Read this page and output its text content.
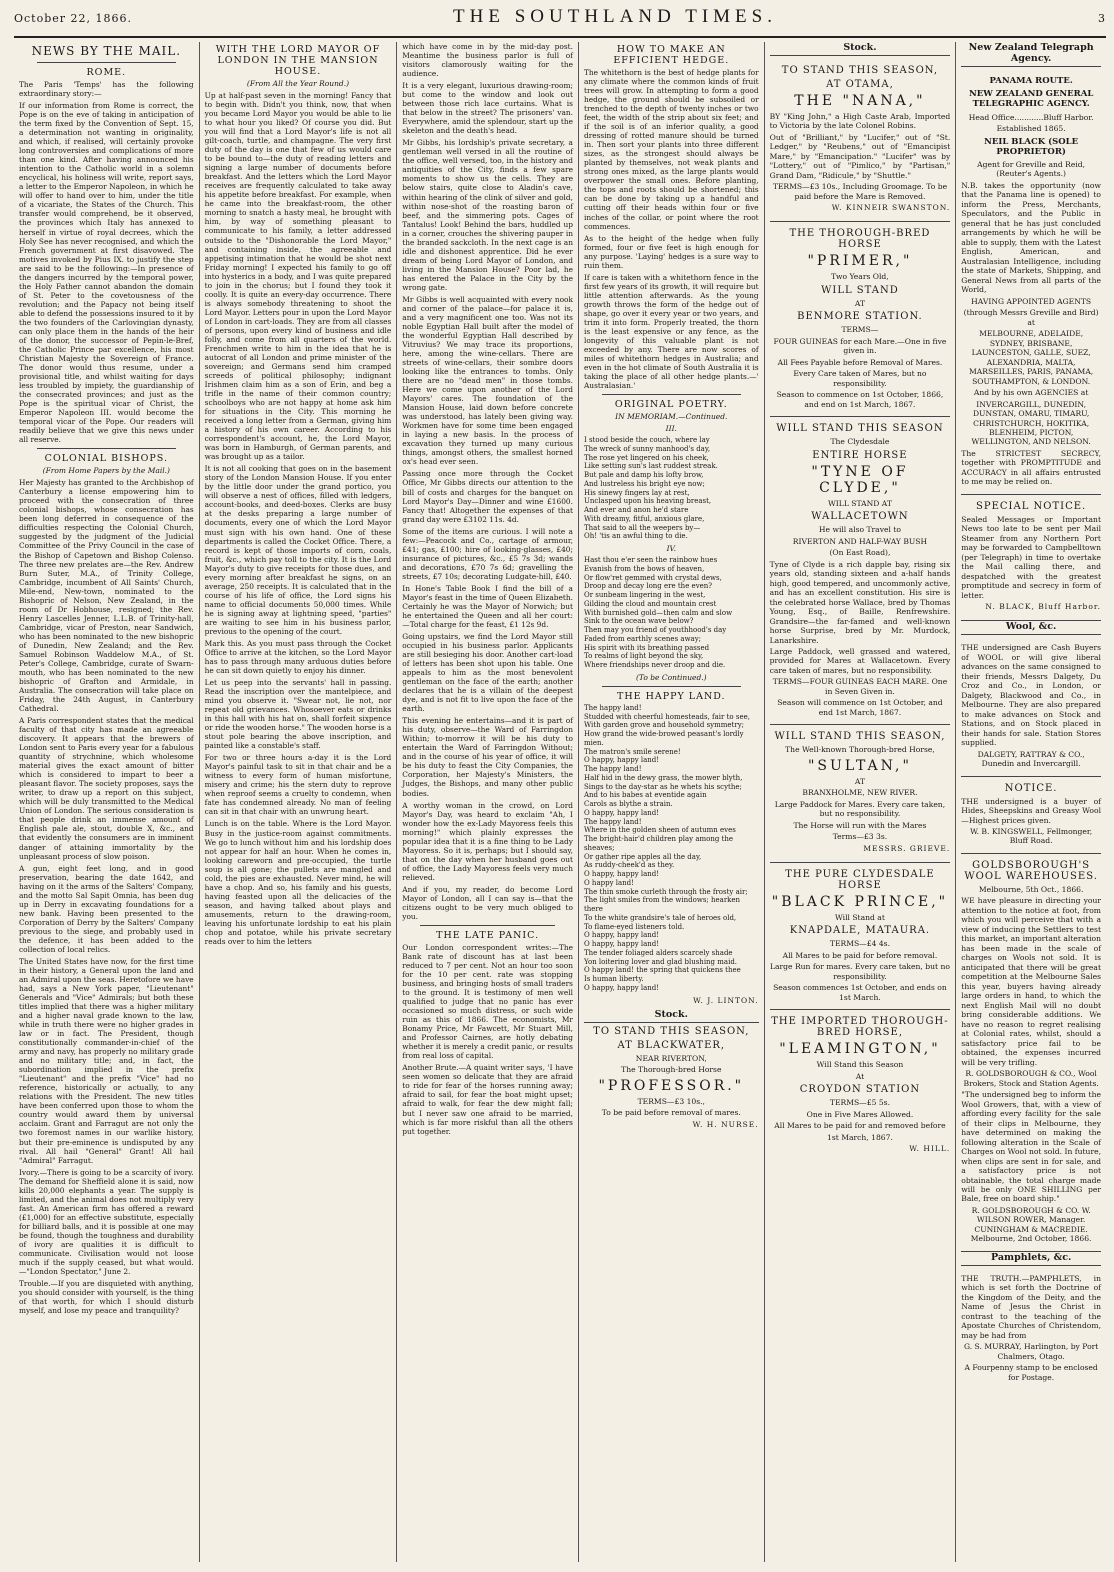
October 22, 1866.	THE SOUTHLAND TIMES.	3
NEWS BY THE MAIL.
ROME.

The Paris 'Temps' has the following extraordinary story:—

If our information from Rome is correct, the Pope is on the eve of taking in anticipation of the term fixed by the Convention of Sept. 15, a determination not wanting in originality, and which, if realised, will certainly provoke long controversies and complications of more than one kind. After having announced his intention to the Catholic world in a solemn encyclical, his holiness will write, report says, a letter to the Emperor Napoleon, in which he will offer to hand over to him, under the title of a vicariate, the States of the Church. This transfer would comprehend, be it observed, the provinces which Italy has annexed to herself in virtue of royal decrees, which the Holy See has never recognised, and which the French government at first disavowed. The motives invoked by Pius IX. to justify the step are said to be the following:—In presence of the dangers incurred by the temporal power, the Holy Father cannot abandon the domain of St. Peter to the covetousness of the revolution; and the Papacy not being itself able to defend the possessions insured to it by the two founders of the Carlovingian dynasty, can only place them in the hands of the heir of the donor, the successor of Pepin-le-Bref, the Catholic Prince par excellence, his most Christian Majesty the Sovereign of France. The donor would thus resume, under a provisional title, and whilst waiting for days less troubled by impiety, the guardianship of the consecrated provinces; and just as the Pope is the spiritual vicar of Christ, the Emperor Napoleon III. would become the temporal vicar of the Pope. Our readers will readily believe that we give this news under all reserve.

COLONIAL BISHOPS.
(From Home Papers by the Mail.)

Her Majesty has granted to the Archbishop of Canterbury a license empowering him to proceed with the consecration of three colonial bishops, whose consecration has been long deferred in consequence of the difficulties respecting the Colonial Church, suggested by the judgment of the Judicial Committee of the Privy Council in the case of the Bishop of Capetown and Bishop Colenso. The three new prelates are—the Rev. Andrew Burn Suter, M.A., of Trinity College, Cambridge, incumbent of All Saints' Church, Mile-end, New-town, nominated to the Bishopric of Nelson, New Zealand, in the room of Dr Hobhouse, resigned; the Rev. Henry Lascelles Jenner, L.L.B. of Trinity-hall, Cambridge, vicar of Preston, near Sandwich, who has been nominated to the new bishopric of Dunedin, New Zealand; and the Rev. Samuel Robinson Waddelow M.A., of St. Peter's College, Cambridge, curate of Swarn-mouth, who has been nominated to the new bishopric of Grafton and Armidale, in Australia. The consecration will take place on Friday, the 24th August, in Canterbury Cathedral.

A Paris correspondent states that the medical faculty of that city has made an agreeable discovery. It appears that the brewers of London sent to Paris every year for a fabulous quantity of strychnine, which wholesome material gives the exact amount of bitter which is considered to impart to beer a pleasant flavor. The society proposes, says the writer, to draw up a report on this subject, which will be duly transmitted to the Medical Union of London. The serious consideration is that people drink an immense amount of English pale ale, stout, double X, &c., and that evidently the consumers are in imminent danger of attaining immortality by the unpleasant process of slow poison.

A gun, eight feet long, and in good preservation, bearing the date 1642, and having on it the arms of the Salters' Company, and the motto Sal Sapit Omnia, has been dug up in Derry in excavating foundations for a new bank. Having been presented to the Corporation of Derry by the Salters' Company previous to the siege, and probably used in the defence, it has been added to the collection of local relics.

The United States have now, for the first time in their history, a General upon the land and an Admiral upon the seas. Heretofore we have had, says a New York paper, "Lieutenant" Generals and "Vice" Admirals; but both these titles implied that there was a higher military and a higher naval grade known to the law, while in truth there were no higher grades in law or in fact. The President, though constitutionally commander-in-chief of the army and navy, has properly no military grade and no military title; and, in fact, the subordination implied in the prefix "Lieutenant" and the prefix "Vice" had no reference, historically or actually, to any relations with the President. The new titles have been conferred upon those to whom the country would award them by universal acclaim. Grant and Farragut are not only the two foremost names in our warlike history, but their pre-eminence is undisputed by any rival. All hail "General" Grant! All hail "Admiral" Farragut.

Ivory.—There is going to be a scarcity of ivory. The demand for Sheffield alone it is said, now kills 20,000 elephants a year. The supply is limited, and the animal does not multiply very fast. An American firm has offered a reward (£1,000) for an effective substitute, especially for billiard balls, and it is possible at one may be found, though the toughness and durability of ivory are qualities it is difficult to communicate. Civilisation would not loose much if the supply ceased, but what would.—"London Spectator," June 2.

Trouble.—If you are disquieted with anything, you should consider with yourself, is the thing of that worth, for which I should disturb myself, and lose my peace and tranquility?

WITH THE LORD MAYOR OF LONDON IN THE MANSION HOUSE.
(From All the Year Round.)

Up at half-past seven in the morning! Fancy that to begin with. Didn't you think, now, that when you became Lord Mayor you would be able to lie to what hour you liked? Of course you did. But you will find that a Lord Mayor's life is not all gilt-coach, turtle, and champagne. The very first duty of the day is one that few of us would care to be bound to—the duty of reading letters and signing a large number of documents before breakfast. And the letters which the Lord Mayor receives are frequently calculated to take away his appetite before breakfast. For example, when he came into the breakfast-room, the other morning to snatch a hasty meal, he brought with him, by way of something pleasant to communicate to his family, a letter addressed outside to the "Dishonorable the Lord Mayor," and containing inside, the agreeable and appetising intimation that he would be shot next Friday morning! I expected his family to go off into hysterics in a body, and I was quite prepared to join in the chorus; but I found they took it coolly. It is quite an every-day occurrence. There is always somebody threatening to shoot the Lord Mayor. Letters pour in upon the Lord Mayor of London in cart-loads. They are from all classes of persons, upon every kind of business and idle folly, and come from all quarters of the world. Frenchmen write to him in the idea that he is autocrat of all London and prime minister of the sovereign; and Germans send him cramped screeds of political philosophy; indignant Irishmen claim him as a son of Erin, and beg a trifle in the name of their common country; schoolboys who are not happy at home ask him for situations in the City. This morning he received a long letter from a German, giving him a history of his own career. According to his correspondent's account, he, the Lord Mayor, was born in Hamburgh, of German parents, and was brought up as a tailor.

It is not all cooking that goes on in the basement story of the London Mansion House. If you enter by the little door under the grand portico, you will observe a nest of offices, filled with ledgers, account-books, and deed-boxes. Clerks are busy at the desks preparing a large number of documents, every one of which the Lord Mayor must sign with his own hand. One of these departments is called the Cocket Office. There, a record is kept of those imports of corn, coals, fruit, &c., which pay toll to the city. It is the Lord Mayor's duty to give receipts for those dues, and every morning after breakfast he signs, on an average, 250 receipts. It is calculated that in the course of his life of office, the Lord signs his name to official documents 50,000 times. While he is signing away at lightning speed, "parties" are waiting to see him in his business parlor, previous to the opening of the court.

Mark this. As you must pass through the Cocket Office to arrive at the kitchen, so the Lord Mayor has to pass through many arduous duties before he can sit down quietly to enjoy his dinner.

Let us peep into the servants' hall in passing. Read the inscription over the mantelpiece, and mind you observe it. "Swear not, lie not, nor repeat old grievances. Whosoever eats or drinks in this hall with his hat on, shall forfeit sixpence or ride the wooden horse." The wooden horse is a stout pole bearing the above inscription, and painted like a constable's staff.

For two or three hours a-day it is the Lord Mayor's painful task to sit in that chair and be a witness to every form of human misfortune, misery and crime; his the stern duty to reprove when reproof seems a cruelty to condemn, when fate has condemned already. No man of feeling can sit in that chair with an unwrung heart.

Lunch is on the table. Where is the Lord Mayor. Busy in the justice-room against commitments. We go to lunch without him and his lordship does not appear for half an hour. When he comes in, looking careworn and pre-occupied, the turtle soup is all gone; the pullets are mangled and cold, the pies are exhausted. Never mind, he will have a chop. And so, his family and his guests, having feasted upon all the delicacies of the season, and having talked about plays and amusements, return to the drawing-room, leaving his unfortunate lordship to eat his plain chop and potatoe, while his private secretary reads over to him the letters

which have come in by the mid-day post. Meantime the business parlor is full of visitors clamorously waiting for the audience.

It is a very elegant, luxurious drawing-room; but come to the window and look out between those rich lace curtains. What is that below in the street? The prisoners' van. Everywhere, amid the splendour, start up the skeleton and the death's head.

Mr Gibbs, his lordship's private secretary, a gentleman well versed in all the routine of the office, well versed, too, in the history and antiquities of the City, finds a few spare moments to show us the cells. They are below stairs, quite close to Aladin's cave, within hearing of the clink of silver and gold, within nose-shot of the roasting baron of beef, and the simmering pots. Cages of Tantalus! Look! Behind the bars, huddled up in a corner, crouches the shivering pauper in the branded sackcloth. In the next cage is an idle and dishonest apprentice. Did he ever dream of being Lord Mayor of London, and living in the Mansion House? Poor lad, he has entered the Palace in the City by the wrong gate.

Mr Gibbs is well acquainted with every nook and corner of the palace—for palace it is, and a very magnificent one too. Was not its noble Egyptian Hall built after the model of the wonderful Egyptian Hall described by Vitruvius? We may trace its proportions, here, among the wine-cellars. There are streets of wine-cellars, their sombre doors looking like the entrances to tombs. Only there are no "dead men" in those tombs. Here we come upon another of the Lord Mayors' cares. The foundation of the Mansion House, laid down before concrete was understood, has lately been giving way. Workmen have for some time been engaged in laying a new basis. In the process of excavation they turned up many curious things, amongst others, the smallest horned ox's head ever seen.

Passing once more through the Cocket Office, Mr Gibbs directs our attention to the bill of costs and charges for the banquet on Lord Mayor's Day—Dinner and wine £1600. Fancy that! Altogether the expenses of that grand day were £3102 11s. 4d.

Some of the items are curious. I will note a few:—Peacock and Co., cartage of armour, £41; gas, £100; hire of looking-glasses, £40; insurance of pictures, &c., £5 7s 3d; wands and decorations, £70 7s 6d; gravelling the streets, £7 10s; decorating Ludgate-hill, £40.

In Hone's Table Book I find the bill of a Mayor's feast in the time of Queen Elizabeth. Certainly he was the Mayor of Norwich; but he entertained the Queen and all her court:—Total charge for the feast, £1 12s 9d.

Going upstairs, we find the Lord Mayor still occupied in his business parlor. Applicants are still besieging his door. Another cart-load of letters has been shot upon his table. One appeals to him as the most benevolent gentleman on the face of the earth; another declares that he is a villain of the deepest dye, and is not fit to live upon the face of the earth.

This evening he entertains—and it is part of his duty, observe—the Ward of Farringdon Within; to-morrow it will be his duty to entertain the Ward of Farringdon Without; and in the course of his year of office, it will be his duty to feast the City Companies, the Corporation, her Majesty's Ministers, the Judges, the Bishops, and many other public bodies.

A worthy woman in the crowd, on Lord Mayor's Day, was heard to exclaim "Ah, I wonder how the ex-Lady Mayoress feels this morning!" which plainly expresses the popular idea that it is a fine thing to be Lady Mayoress. So it is, perhaps; but I should say, that on the day when her husband goes out of office, the Lady Mayoress feels very much relieved.

And if you, my reader, do become Lord Mayor of London, all I can say is—that the citizens ought to be very much obliged to you.

THE LATE PANIC.

Our London correspondent writes:—The Bank rate of discount has at last been reduced to 7 per cent. Not an hour too soon for the 10 per cent. rate was stopping business, and bringing hosts of small traders to the ground. It is testimony of men well qualified to judge that no panic has ever occasioned so much distress, or such wide ruin as this of 1866. The economists, Mr Bonamy Price, Mr Fawcett, Mr Stuart Mill, and Professor Cairnes, are hotly debating whether it is merely a credit panic, or results from real loss of capital.

Another Brute.—A quaint writer says, 'I have seen women so delicate that they are afraid to ride for fear of the horses running away; afraid to sail, for fear the boat might upset; afraid to walk, for fear the dew might fall; but I never saw one afraid to be married, which is far more riskful than all the others put together.

HOW TO MAKE AN EFFICIENT HEDGE.

The whitethorn is the best of hedge plants for any climate where the common kinds of fruit trees will grow. In attempting to form a good hedge, the ground should be subsoiled or trenched to the depth of twenty inches or two feet, the width of the strip about six feet; and if the soil is of an inferior quality, a good dressing of rotted manure should be turned in. Then sort your plants into three different sizes, as the strongest should always be planted by themselves, not weak plants and strong ones mixed, as the large plants would overpower the small ones. Before planting, the tops and roots should be shortened; this can be done by taking up a handful and cutting off their heads within four or five inches of the collar, or point where the root commences.

As to the height of the hedge when fully formed, four or five feet is high enough for any purpose. 'Laying' hedges is a sure way to ruin them.

If care is taken with a whitethorn fence in the first few years of its growth, it will require but little attention afterwards. As the young growth throws the form of the hedge out of shape, go over it every year or two years, and trim it into form. Properly treated, the thorn is the least expensive or any fence, as the longevity of this valuable plant is not exceeded by any. There are now scores of miles of whitethorn hedges in Australia; and even in the hot climate of South Australia it is taking the place of all other hedge plants.—' Australasian.'

ORIGINAL POETRY.
IN MEMORIAM.—Continued.
III.
I stood beside the couch, where lay
The wreck of sunny manhood's day,
The rose yet lingered on his cheek,
Like setting sun's last ruddest streak.
But pale and damp his lofty brow,
And lustreless his bright eye now;
His sinewy fingers lay at rest,
Unclasped upon his heaving breast,
And ever and anon he'd stare
With dreamy, fitful, anxious glare,
That said to all the weepers by—
Oh! 'tis an awful thing to die.
IV.
Hast thou e'er seen the rainbow hues
Evanish from the bows of heaven,
Or flow'ret gemmed with crystal dews,
Droop and decay long ere the even?
Or sunbeam lingering in the west,
Gilding the cloud and mountain crest
With burnished gold—then calm and slow
Sink to the ocean wave below?
Then may you friend of youthhood's day
Faded from earthly scenes away;
His spirit with its breathing passed
To realms of light beyond the sky,
Where friendships never droop and die.
(To be Continued.)
THE HAPPY LAND.
The happy land!
Studded with cheerful homesteads, fair to see,
With garden grove and household symmetry;
How grand the wide-browed peasant's lordly mien.
The matron's smile serene!
O happy, happy land!
The happy land!
Half hid in the dewy grass, the mower blyth,
Sings to the day-star as he whets his scythe;
And to his babes at eventide again
Carols as blythe a strain.
O happy, happy land!
The happy land!
Where in the golden sheen of autumn eves
The bright-hair'd children play among the sheaves;
Or gather ripe apples all the day,
As ruddy-cheek'd as they.
O happy, happy land!
O happy land!
The thin smoke curleth through the frosty air;
The light smiles from the windows; hearken there
To the white grandsire's tale of heroes old,
To flame-eyed listeners told.
O happy, happy land!
O happy, happy land!
The tender foliaged alders scarcely shade
Yon loitering lover and glad blushing maid.
O happy land! the spring that quickens thee
Is human liberty.
O happy, happy land!
W. J. LINTON.
Stock.
TO STAND THIS SEASON,
AT BLACKWATER,
NEAR RIVERTON,
The Thorough-bred Horse
"PROFESSOR."
TERMS—£3 10s.,
To be paid before removal of mares.
W. H. NURSE.
Stock.
TO STAND THIS SEASON,
AT OTAMA,
THE "NANA,"
BY "King John," a High Caste Arab, Imported to Victoria by the late Colonel Robins.
Out of "Brilliant," by "Lucifer," out of "St. Ledger," by "Reubens," out of "Emancipist Mare," by "Emancipation." "Lucifer" was by "Lottery," out of "Pimlico," by "Partisan," Grand Dam, "Ridicule," by "Shuttle."
TERMS—£3 10s., Including Groomage. To be paid before the Mare is Removed.
W. KINNEIR SWANSTON.
THE THOROUGH-BRED HORSE
"PRIMER,"
Two Years Old,
WILL STAND
AT
BENMORE STATION.
TERMS—
FOUR GUINEAS for each Mare.—One in five given in.
All Fees Payable before Removal of Mares.
Every Care taken of Mares, but no responsibility.
Season to commence on 1st October, 1866, and end on 1st March, 1867.
WILL STAND THIS SEASON
The Clydesdale
ENTIRE HORSE
"TYNE OF CLYDE,"
WILL STAND AT
WALLACETOWN
He will also Travel to
RIVERTON AND HALF-WAY BUSH
(On East Road),
Tyne of Clyde is a rich dapple bay, rising six years old, standing sixteen and a-half hands high, good tempered, and uncommonly active, and has an excellent constitution. His sire is the celebrated horse Wallace, bred by Thomas Young, Esq., of Baille, Renfrewshire. Grandsire—the far-famed and well-known horse Surprise, bred by Mr. Murdock, Lanarkshire.
Large Paddock, well grassed and watered, provided for Mares at Wallacetown. Every care taken of mares, but no responsibility.
TERMS—FOUR GUINEAS EACH MARE. One in Seven Given in.
Season will commence on 1st October, and end 1st March, 1867.
WILL STAND THIS SEASON,
The Well-known Thorough-bred Horse,
"SULTAN,"
AT
BRANXHOLME, NEW RIVER.
Large Paddock for Mares. Every care taken, but no responsibility.
The Horse will run with the Mares
Terms—£3 3s.
MESSRS. GRIEVE.
THE PURE CLYDESDALE HORSE
"BLACK PRINCE,"
Will Stand at
KNAPDALE, MATAURA.
TERMS—£4 4s.
All Mares to be paid for before removal.
Large Run for mares. Every care taken, but no responsibility.
Season commences 1st October, and ends on 1st March.
THE IMPORTED THOROUGH-BRED HORSE,
"LEAMINGTON,"
Will Stand this Season
At
CROYDON STATION
TERMS—£5 5s.
One in Five Mares Allowed.
All Mares to be paid for and removed before
1st March, 1867.
W. HILL.
New Zealand Telegraph Agency.
PANAMA ROUTE.
NEW ZEALAND GENERAL TELEGRAPHIC AGENCY.
Head Office............Bluff Harbor.
Established 1865.
NEIL BLACK (SOLE PROPRIETOR)
Agent for Greville and Reid, (Reuter's Agents.)
N.B. takes the opportunity (now that the Panama line is opened) to inform the Press, Merchants, Speculators, and the Public in general that he has just concluded arrangements by which he will be able to supply, them with the Latest English, American, and Australasian Intelligence, including the state of Markets, Shipping, and General News from all parts of the World,
HAVING APPOINTED AGENTS
(through Messrs Greville and Bird) at
MELBOURNE, ADELAIDE, SYDNEY, BRISBANE, LAUNCESTON, GALLE, SUEZ, ALEXANDRIA, MALTA, MARSEILLES, PARIS, PANAMA, SOUTHAMPTON, & LONDON.
And by his own AGENCIES at
INVERCARGILL, DUNEDIN, DUNSTAN, OMARU, TIMARU, CHRISTCHURCH, HOKITIKA, BLENHEIM, PICTON, WELLINGTON, AND NELSON.
The STRICTEST SECRECY, together with PROMPTITUDE and ACCURACY in all affairs entrusted to me may be relied on.
SPECIAL NOTICE.
Sealed Messages or Important News too late to be sent per Mail Steamer from any Northern Port may be forwarded to Campbelltown (per Telegraph) in time to overtake the Mail calling there, and despatched with the greatest promptitude and secrecy in form of letter.
N. BLACK, Bluff Harbor.
Wool, &c.
THE undersigned are Cash Buyers of WOOL or will give liberal advances on the same consigned to their friends, Messrs Dalgety, Du Croz and Co., in London, or Dalgety, Blackwood and Co., in Melbourne. They are also prepared to make advances on Stock and Stations, and on Stock placed in their hands for sale. Station Stores supplied.
DALGETY, RATTRAY & CO., Dunedin and Invercargill.
NOTICE.
THE undersigned is a buyer of Hides, Sheepskins and Greasy Wool—Highest prices given.
W. B. KINGSWELL, Fellmonger, Bluff Road.
GOLDSBOROUGH'S WOOL WAREHOUSES.
Melbourne, 5th Oct., 1866.
WE have pleasure in directing your attention to the notice at foot, from which you will perceive that with a view of inducing the Settlers to test this market, an important alteration has been made in the scale of charges on Wools not sold. It is anticipated that there will be great competition at the Melbourne Sales this year, buyers having already large orders in hand, to which the next English Mail will no doubt bring considerable additions. We have no reason to regret realising at Colonial rates, whilst, should a satisfactory price fail to be obtained, the expenses incurred will be very trifling.
R. GOLDSBOROUGH & CO., Wool Brokers, Stock and Station Agents.
"The undersigned beg to inform the Wool Growers, that, with a view of affording every facility for the sale of their clips in Melbourne, they have determined on making the following alteration in the Scale of Charges on Wool not sold. In future, when clips are sent in for sale, and a satisfactory price is not obtainable, the total charge made will be only ONE SHILLING per Bale, free on board ship."
R. GOLDSBOROUGH & CO. W. WILSON ROWER, Manager. CUNINGHAM & MACREDIE. Melbourne, 2nd October, 1866.
Pamphlets, &c.
THE TRUTH.—PAMPHLETS, in which is set forth the Doctrine of the Kingdom of the Deity, and the Name of Jesus the Christ in contrast to the teaching of the Apostate Churches of Christendom, may be had from
G. S. MURRAY, Harlington, by Port Chalmers, Otago.
A Fourpenny stamp to be enclosed for Postage.
